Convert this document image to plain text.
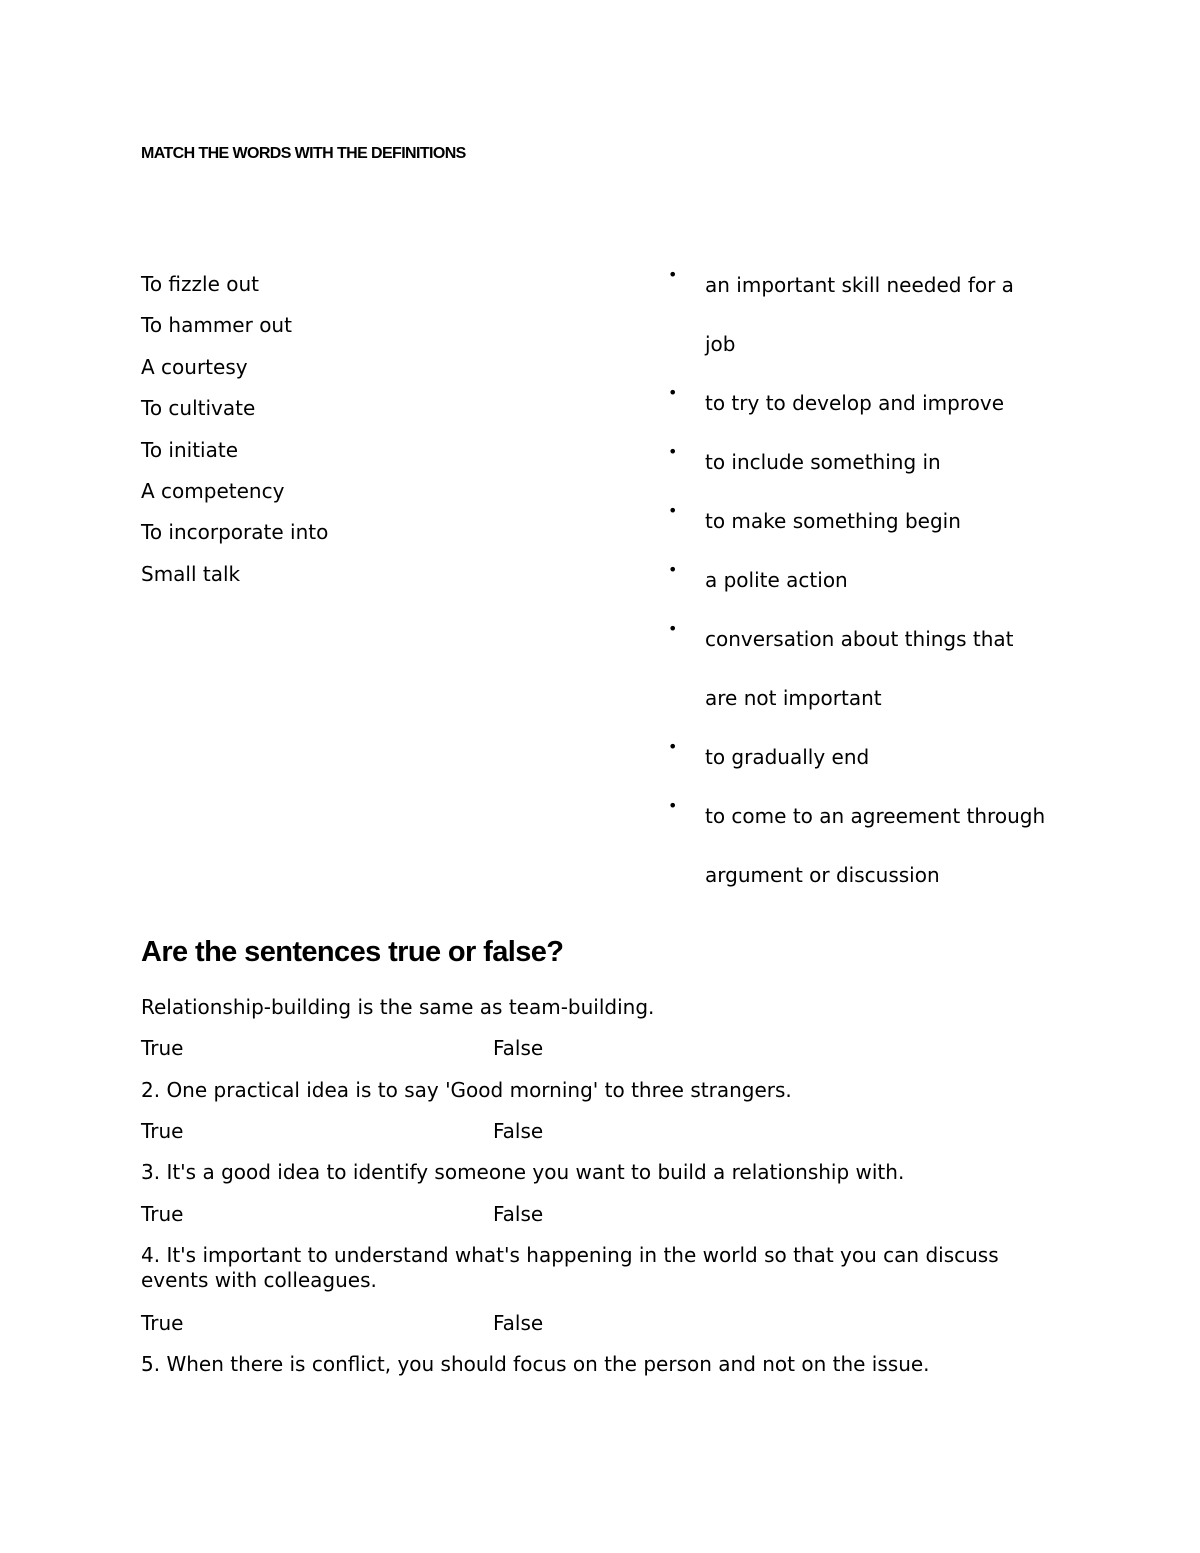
MATCH THE WORDS WITH THE DEFINITIONS
To fizzle out
To hammer out
A courtesy
To cultivate
To initiate
A competency
To incorporate into
Small talk
• an important skill needed for a
job
• to try to develop and improve
• to include something in
• to make something begin
• a polite action
• conversation about things that
are not important
• to gradually end
• to come to an agreement through
argument or discussion
Are the sentences true or false?
Relationship-building is the same as team-building.
True	False
2. One practical idea is to say 'Good morning' to three strangers.
True	False
3. It's a good idea to identify someone you want to build a relationship with.
True	False
4. It's important to understand what's happening in the world so that you can discuss events with colleagues.
True	False
5. When there is conflict, you should focus on the person and not on the issue.
